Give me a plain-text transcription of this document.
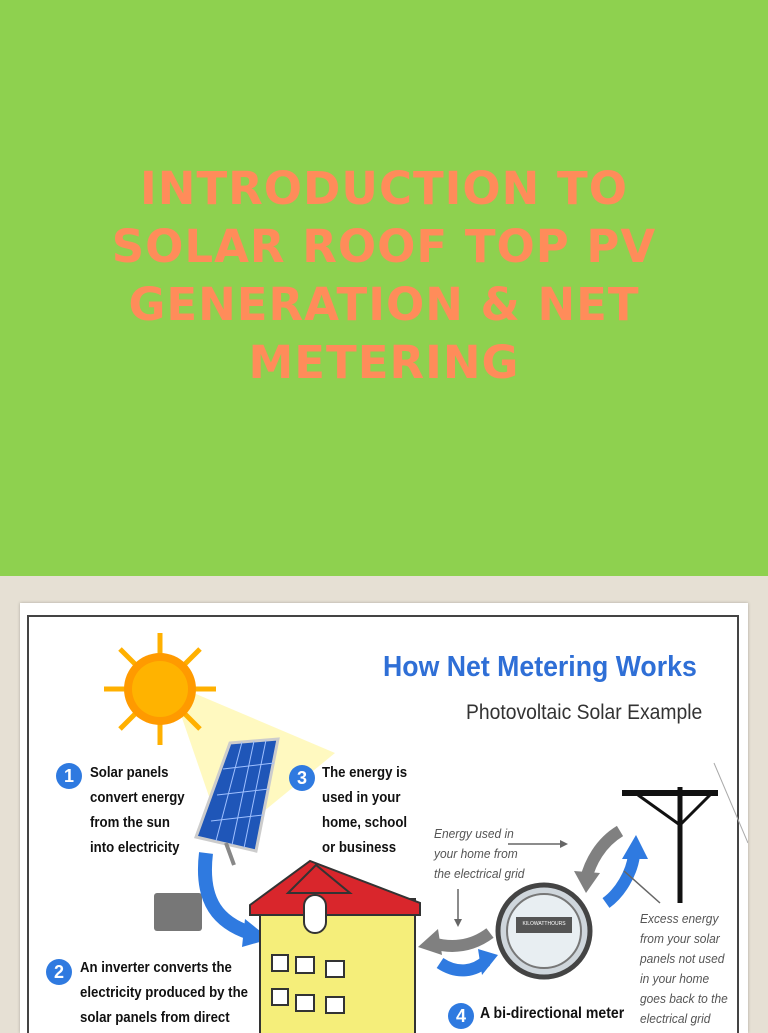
INTRODUCTION TO SOLAR ROOF TOP PV GENERATION & NET METERING
How Net Metering Works

Photovoltaic Solar Example

1	Solar panels
convert energy
from the sun
into electricity
3	The energy is
used in your
home, school
or business
Energy used in
your home from
the electrical grid
KILOWATTHOURS	Excess energy
from your solar
panels not used
in your home
goes back to the
electrical grid
2	An inverter converts the
electricity produced by the
solar panels from direct	4 A bi-directional meter
